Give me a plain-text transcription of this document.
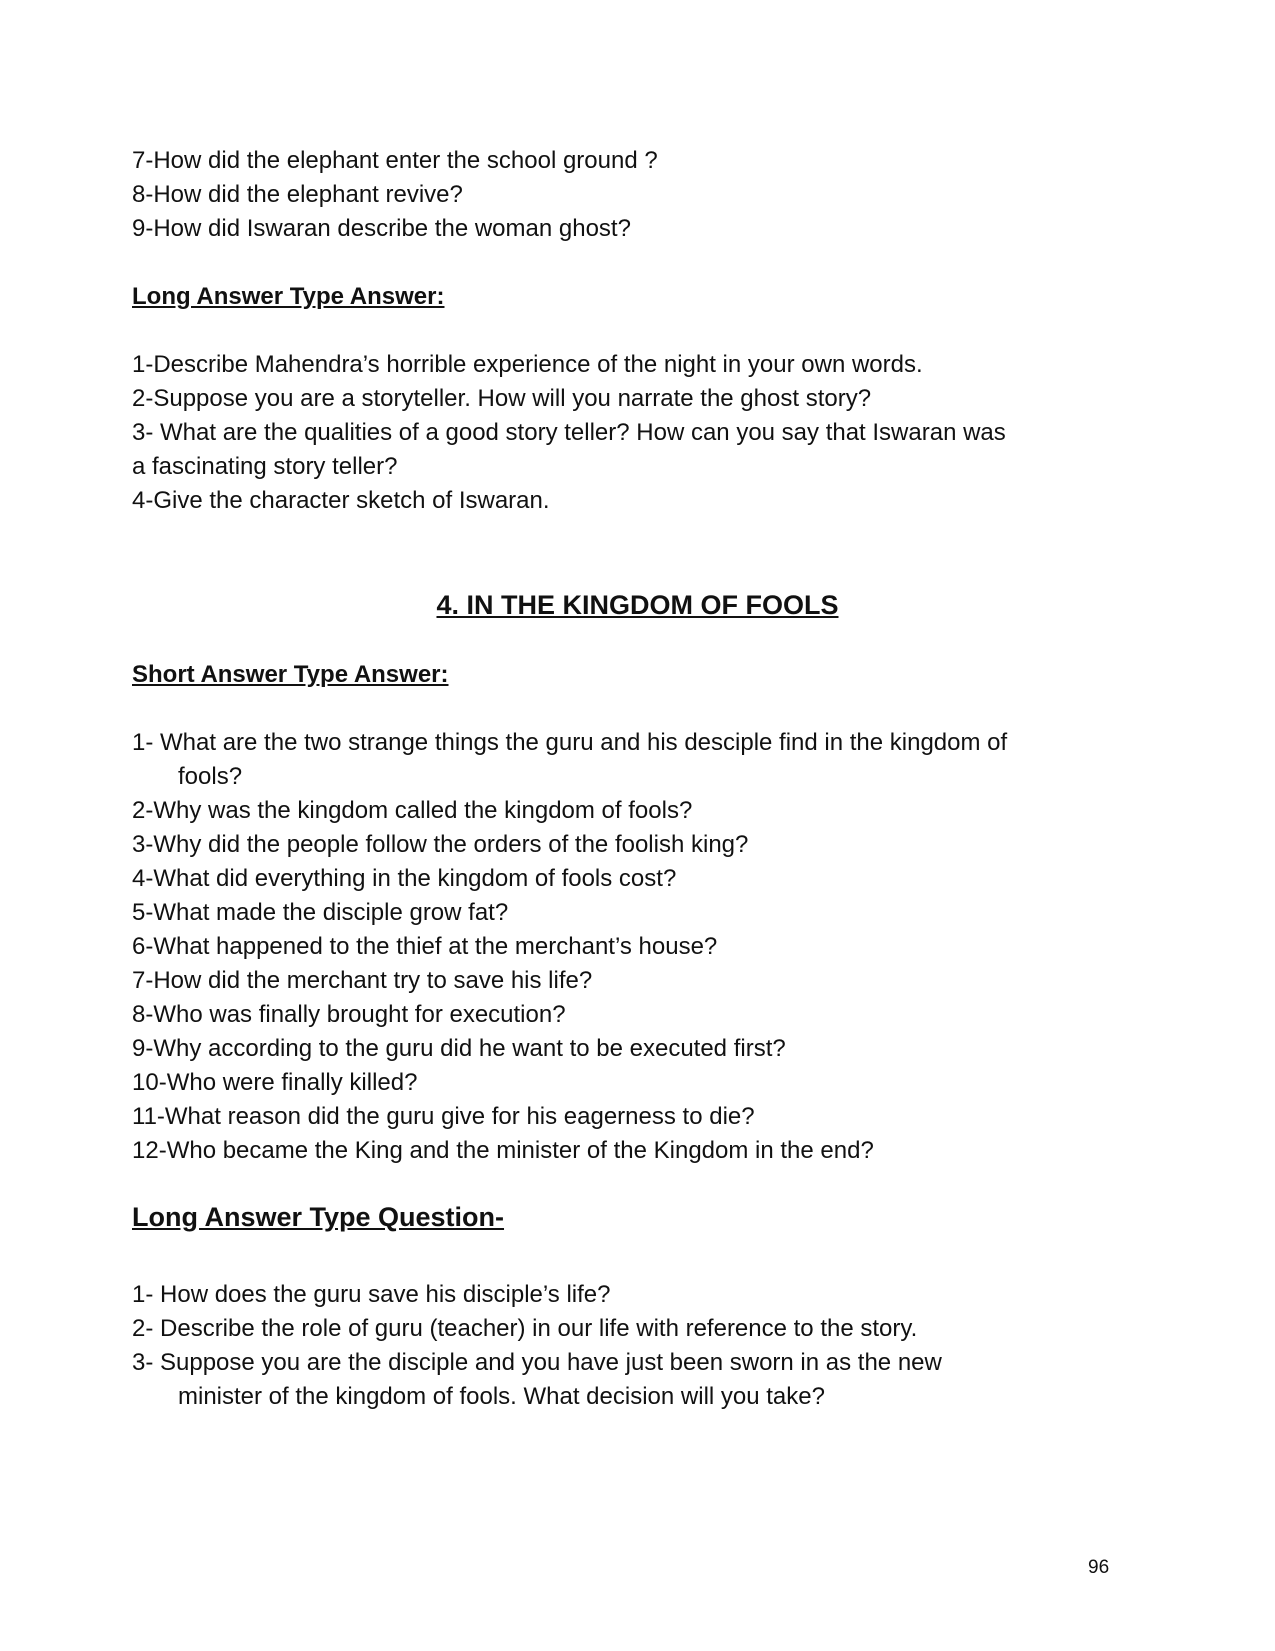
7-How did the elephant enter the school ground ?
8-How did the elephant revive?
9-How did Iswaran describe the woman ghost?
Long Answer Type Answer:
1-Describe Mahendra’s horrible experience of the night in your own words.
2-Suppose you are a storyteller. How will you narrate the ghost story?
3- What are the qualities of a good story teller? How can you say that Iswaran was
a fascinating story teller?
4-Give the character sketch of Iswaran.
4. IN THE KINGDOM OF FOOLS
Short Answer Type Answer:
1- What are the two strange things the guru and his desciple find in the kingdom of
fools?
2-Why was the kingdom called the kingdom of fools?
3-Why did the people follow the orders of the foolish king?
4-What did everything in the kingdom of fools cost?
5-What made the disciple grow fat?
6-What happened to the thief at the merchant’s house?
7-How did the merchant try to save his life?
8-Who was finally brought for execution?
9-Why according to the guru did he want to be executed first?
10-Who were finally killed?
11-What reason did the guru give for his eagerness to die?
12-Who became the King and the minister of the Kingdom in the end?
Long Answer Type Question-
1- How does the guru save his disciple’s life?
2- Describe the role of guru (teacher) in our life with reference to the story.
3- Suppose you are the disciple and you have just been sworn in as the new
minister of the kingdom of fools. What decision will you take?
96
